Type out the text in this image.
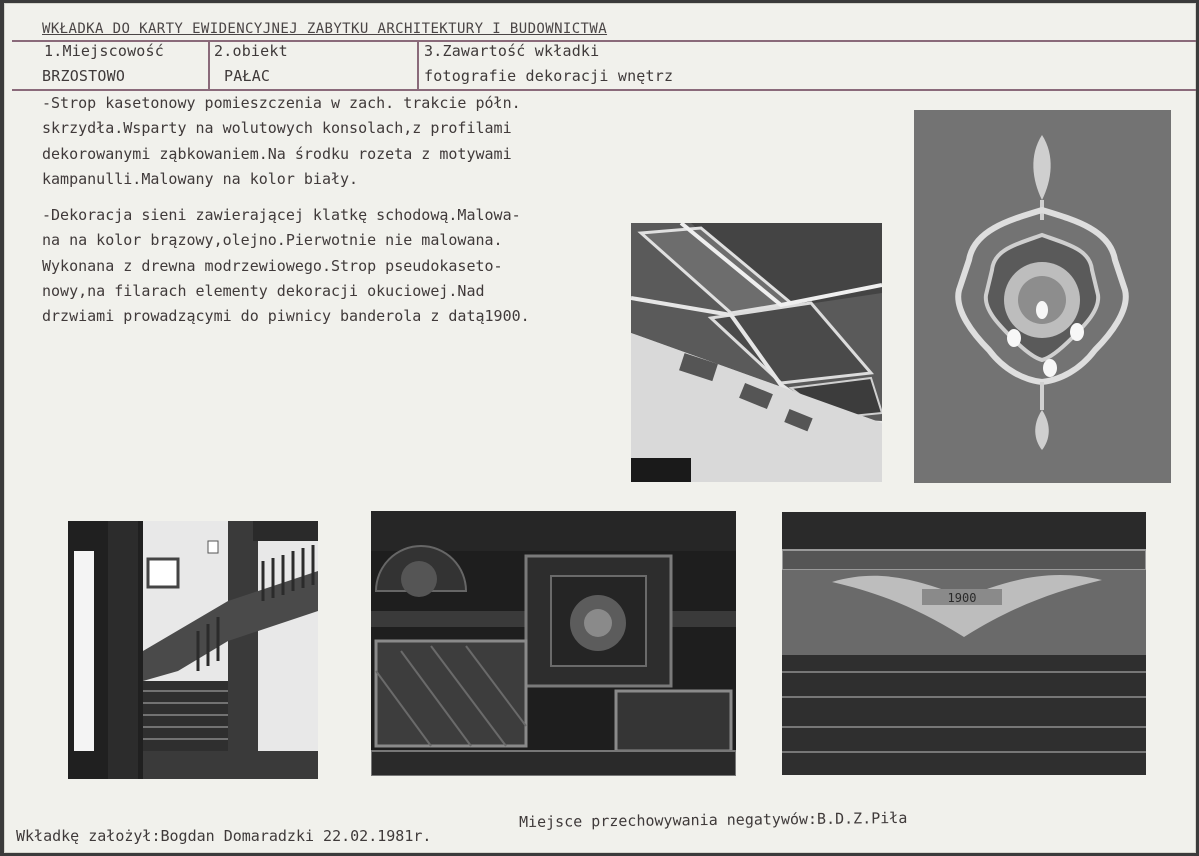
WKŁADKA DO KARTY EWIDENCYJNEJ ZABYTKU ARCHITEKTURY I BUDOWNICTWA
1.Miejscowość
BRZOSTOWO
2.obiekt
PAŁAC
3.Zawartość wkładki
fotografie dekoracji wnętrz
-Strop kasetonowy pomieszczenia w zach. trakcie półn.
skrzydła.Wsparty na wolutowych konsolach,z profilami
dekorowanymi ząbkowaniem.Na środku rozeta z motywami
kampanulli.Malowany na kolor biały.
-Dekoracja sieni zawierającej klatkę schodową.Malowa-
na na kolor brązowy,olejno.Pierwotnie nie malowana.
Wykonana z drewna modrzewiowego.Strop pseudokaseto-
nowy,na filarach elementy dekoracji okuciowej.Nad
drzwiami prowadzącymi do piwnicy banderola z datą1900.
1900
Wkładkę założył:Bogdan Domaradzki 22.02.1981r.
Miejsce przechowywania negatywów:B.D.Z.Piła
